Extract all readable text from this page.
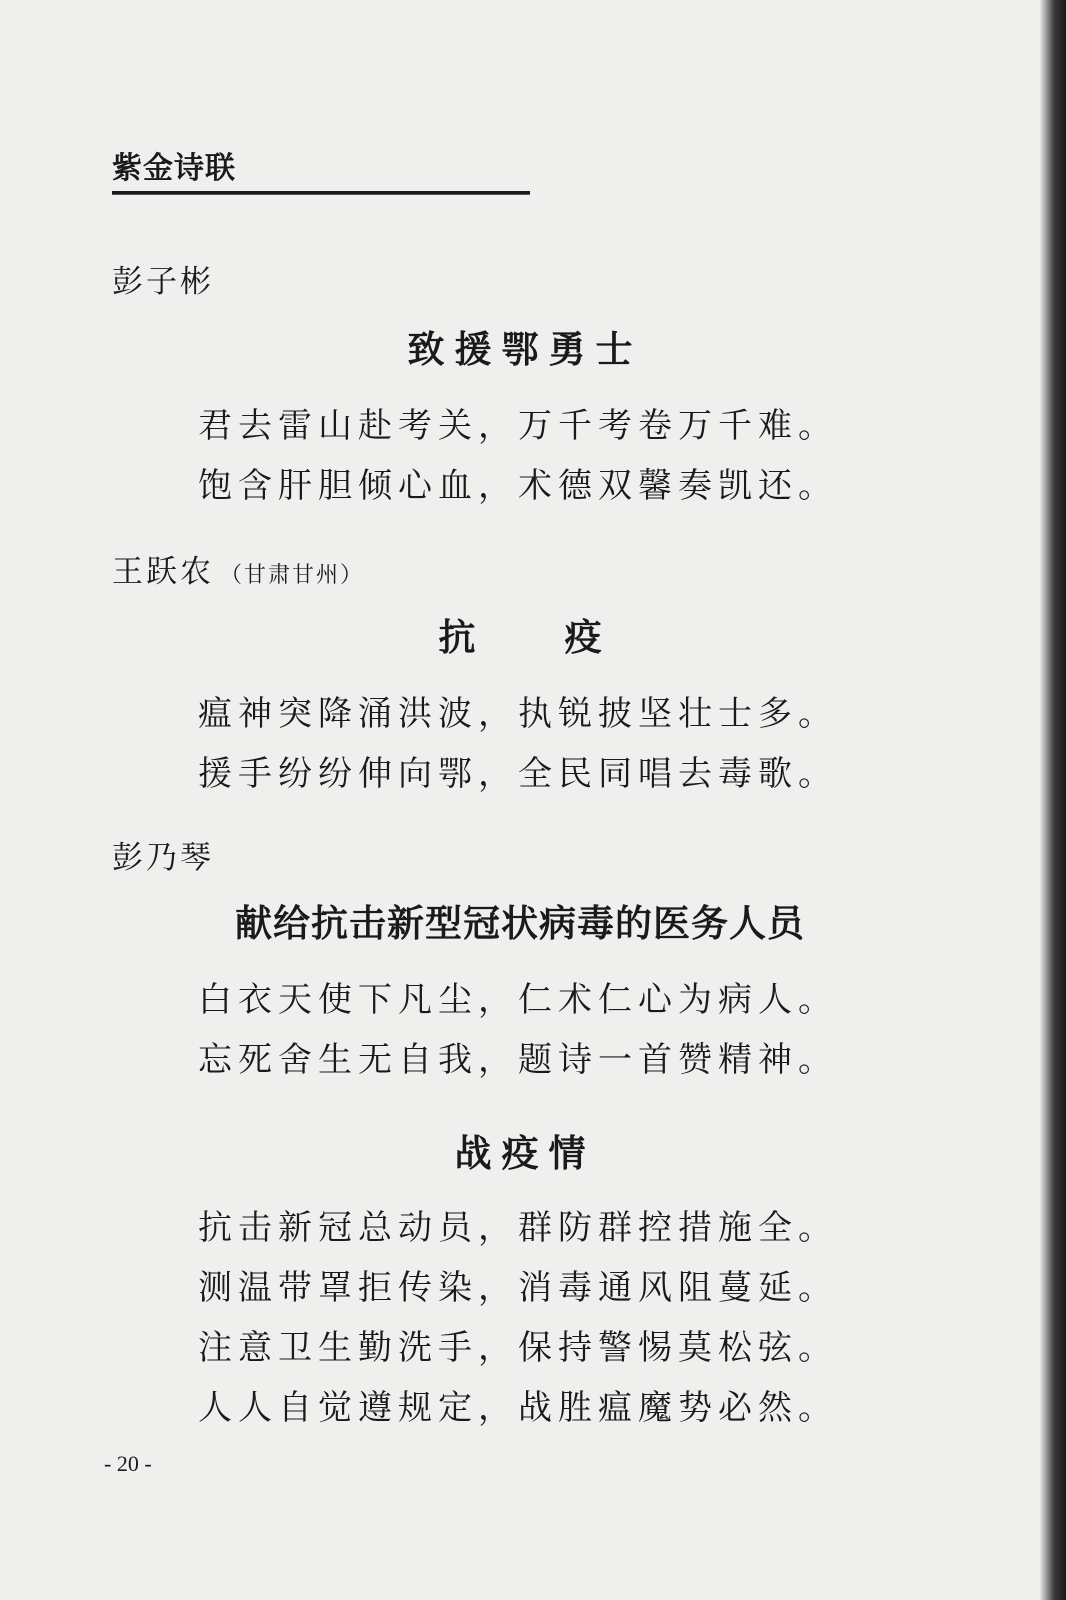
紫金诗联
彭子彬
致援鄂勇士
君去雷山赴考关，万千考卷万千难。
饱含肝胆倾心血，术德双馨奏凯还。
王跃农 （甘肃甘州）
抗　疫
瘟神突降涌洪波，执锐披坚壮士多。
援手纷纷伸向鄂，全民同唱去毒歌。
彭乃琴
献给抗击新型冠状病毒的医务人员
白衣天使下凡尘，仁术仁心为病人。
忘死舍生无自我，题诗一首赞精神。
战疫情
抗击新冠总动员，群防群控措施全。
测温带罩拒传染，消毒通风阻蔓延。
注意卫生勤洗手，保持警惕莫松弦。
人人自觉遵规定，战胜瘟魔势必然。
- 20 -
